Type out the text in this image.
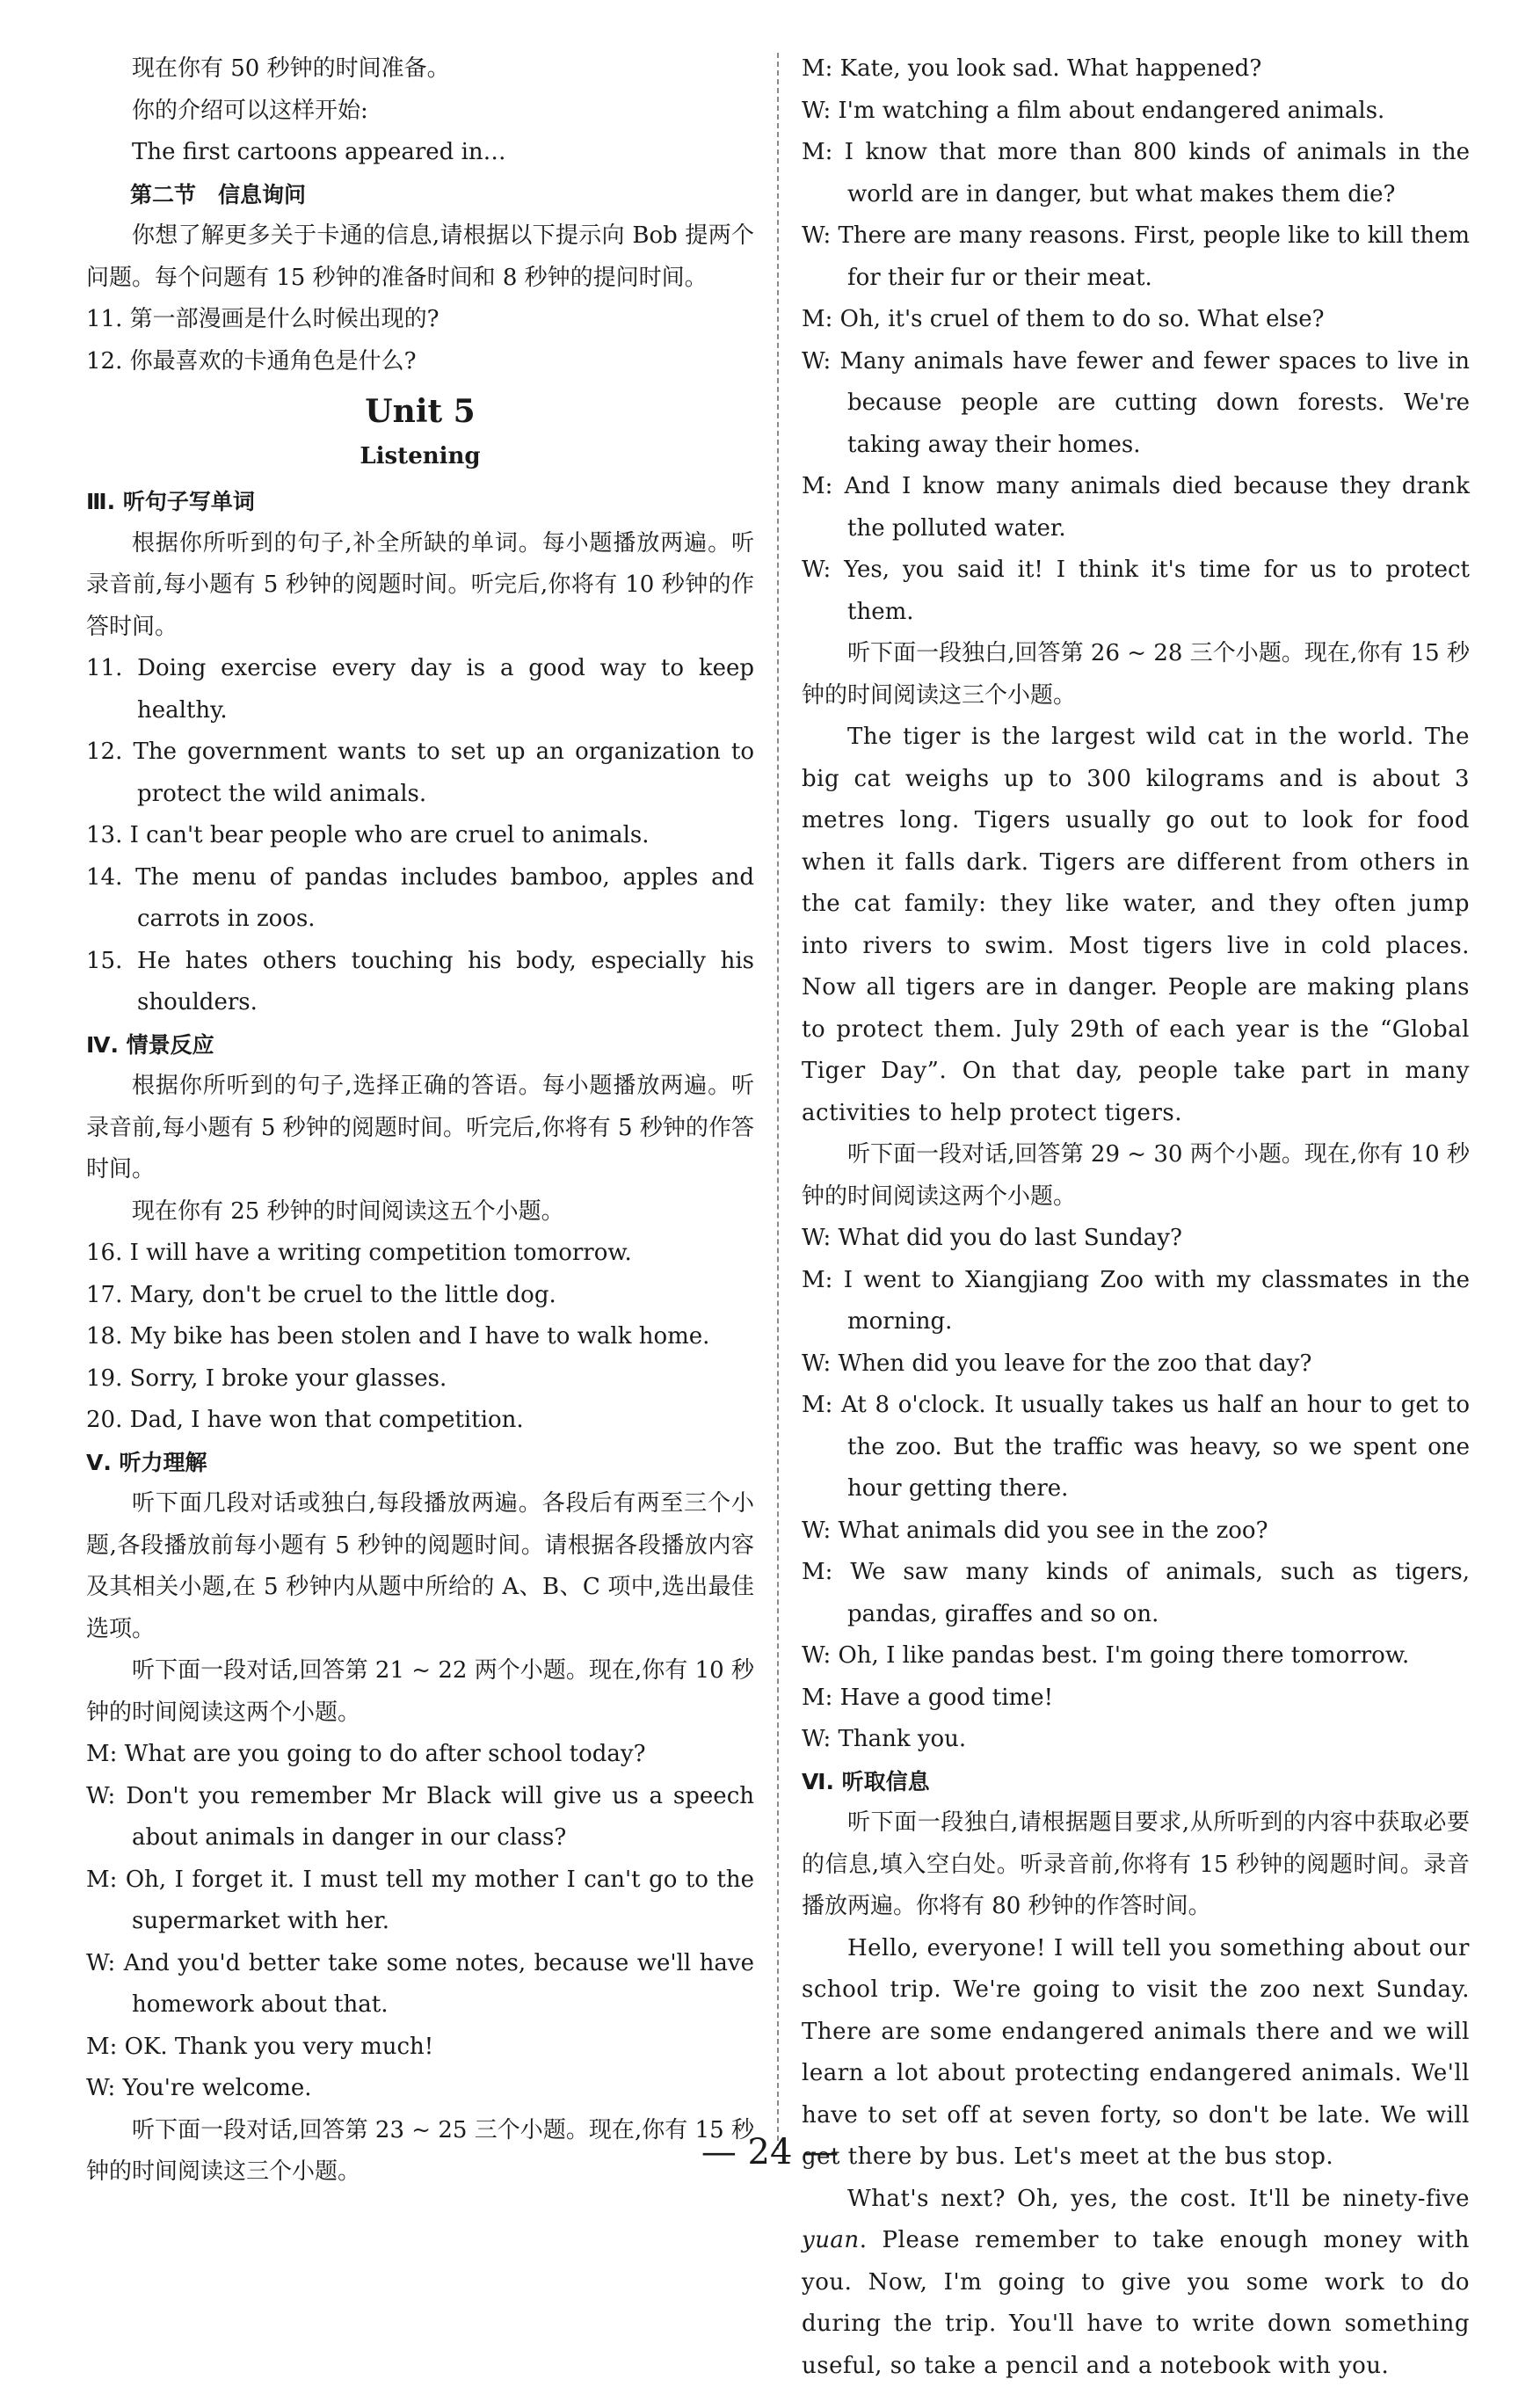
现在你有 50 秒钟的时间准备。
你的介绍可以这样开始:
The first cartoons appeared in…
第二节　信息询问
你想了解更多关于卡通的信息,请根据以下提示向 Bob 提两个问题。每个问题有 15 秒钟的准备时间和 8 秒钟的提问时间。
11. 第一部漫画是什么时候出现的?
12. 你最喜欢的卡通角色是什么?
Unit 5
Listening
Ⅲ. 听句子写单词
根据你所听到的句子,补全所缺的单词。每小题播放两遍。听录音前,每小题有 5 秒钟的阅题时间。听完后,你将有 10 秒钟的作答时间。
11. Doing exercise every day is a good way to keep healthy.
12. The government wants to set up an organization to protect the wild animals.
13. I can't bear people who are cruel to animals.
14. The menu of pandas includes bamboo, apples and carrots in zoos.
15. He hates others touching his body, especially his shoulders.
Ⅳ. 情景反应
根据你所听到的句子,选择正确的答语。每小题播放两遍。听录音前,每小题有 5 秒钟的阅题时间。听完后,你将有 5 秒钟的作答时间。
现在你有 25 秒钟的时间阅读这五个小题。
16. I will have a writing competition tomorrow.
17. Mary, don't be cruel to the little dog.
18. My bike has been stolen and I have to walk home.
19. Sorry, I broke your glasses.
20. Dad, I have won that competition.
Ⅴ. 听力理解
听下面几段对话或独白,每段播放两遍。各段后有两至三个小题,各段播放前每小题有 5 秒钟的阅题时间。请根据各段播放内容及其相关小题,在 5 秒钟内从题中所给的 A、B、C 项中,选出最佳选项。
听下面一段对话,回答第 21 ~ 22 两个小题。现在,你有 10 秒钟的时间阅读这两个小题。
M: What are you going to do after school today?
W: Don't you remember Mr Black will give us a speech about animals in danger in our class?
M: Oh, I forget it. I must tell my mother I can't go to the supermarket with her.
W: And you'd better take some notes, because we'll have homework about that.
M: OK. Thank you very much!
W: You're welcome.
听下面一段对话,回答第 23 ~ 25 三个小题。现在,你有 15 秒钟的时间阅读这三个小题。
M: Kate, you look sad. What happened?
W: I'm watching a film about endangered animals.
M: I know that more than 800 kinds of animals in the world are in danger, but what makes them die?
W: There are many reasons. First, people like to kill them for their fur or their meat.
M: Oh, it's cruel of them to do so. What else?
W: Many animals have fewer and fewer spaces to live in because people are cutting down forests. We're taking away their homes.
M: And I know many animals died because they drank the polluted water.
W: Yes, you said it! I think it's time for us to protect them.
听下面一段独白,回答第 26 ~ 28 三个小题。现在,你有 15 秒钟的时间阅读这三个小题。
The tiger is the largest wild cat in the world. The big cat weighs up to 300 kilograms and is about 3 metres long. Tigers usually go out to look for food when it falls dark. Tigers are different from others in the cat family: they like water, and they often jump into rivers to swim. Most tigers live in cold places. Now all tigers are in danger. People are making plans to protect them. July 29th of each year is the “Global Tiger Day”. On that day, people take part in many activities to help protect tigers.
听下面一段对话,回答第 29 ~ 30 两个小题。现在,你有 10 秒钟的时间阅读这两个小题。
W: What did you do last Sunday?
M: I went to Xiangjiang Zoo with my classmates in the morning.
W: When did you leave for the zoo that day?
M: At 8 o'clock. It usually takes us half an hour to get to the zoo. But the traffic was heavy, so we spent one hour getting there.
W: What animals did you see in the zoo?
M: We saw many kinds of animals, such as tigers, pandas, giraffes and so on.
W: Oh, I like pandas best. I'm going there tomorrow.
M: Have a good time!
W: Thank you.
Ⅵ. 听取信息
听下面一段独白,请根据题目要求,从所听到的内容中获取必要的信息,填入空白处。听录音前,你将有 15 秒钟的阅题时间。录音播放两遍。你将有 80 秒钟的作答时间。
Hello, everyone! I will tell you something about our school trip. We're going to visit the zoo next Sunday. There are some endangered animals there and we will learn a lot about protecting endangered animals. We'll have to set off at seven forty, so don't be late. We will get there by bus. Let's meet at the bus stop.
What's next? Oh, yes, the cost. It'll be ninety-five yuan. Please remember to take enough money with you. Now, I'm going to give you some work to do during the trip. You'll have to write down something useful, so take a pencil and a notebook with you.
— 24 —
